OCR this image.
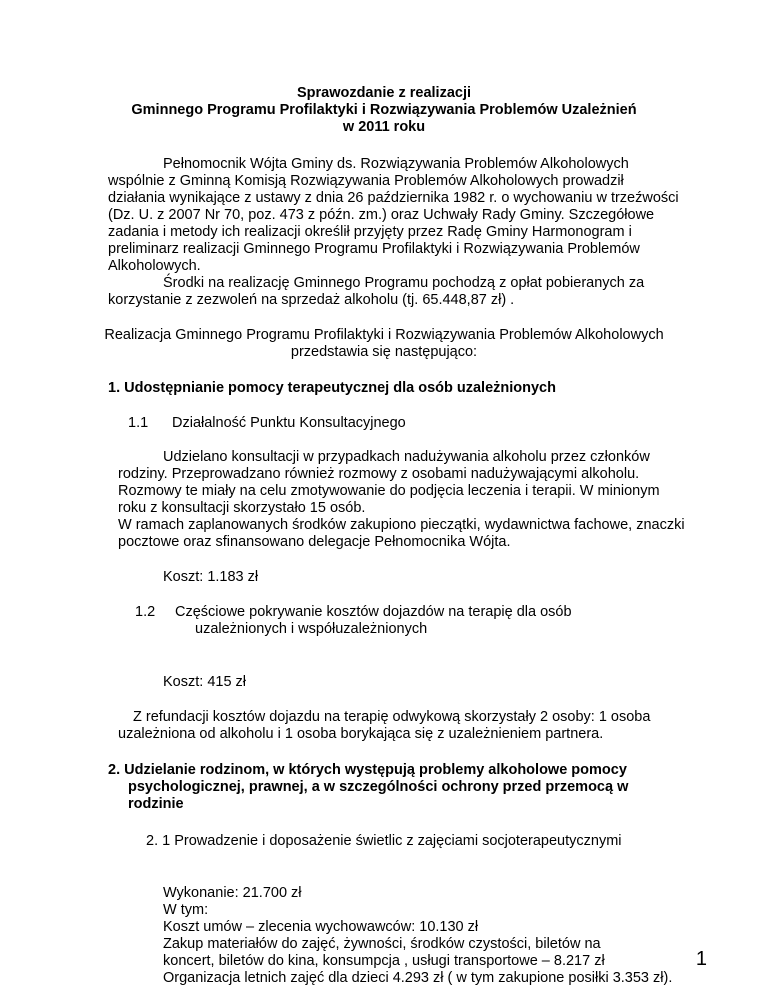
Sprawozdanie z realizacji
Gminnego Programu Profilaktyki i Rozwiązywania Problemów Uzależnień
w 2011 roku
Pełnomocnik Wójta Gminy ds. Rozwiązywania Problemów Alkoholowych
wspólnie z Gminną Komisją Rozwiązywania Problemów Alkoholowych prowadził
działania wynikające z ustawy z dnia 26 października 1982 r. o wychowaniu w trzeźwości
(Dz. U. z 2007 Nr 70, poz. 473 z późn. zm.) oraz Uchwały Rady Gminy. Szczegółowe
zadania i metody ich realizacji określił przyjęty przez Radę Gminy Harmonogram i
preliminarz realizacji Gminnego Programu Profilaktyki i Rozwiązywania Problemów
Alkoholowych.
Środki na realizację Gminnego Programu pochodzą z opłat pobieranych za
korzystanie z zezwoleń na sprzedaż alkoholu (tj. 65.448,87 zł) .
Realizacja Gminnego Programu Profilaktyki i Rozwiązywania Problemów Alkoholowych
przedstawia się następująco:
1. Udostępnianie pomocy terapeutycznej dla osób uzależnionych
1.1 Działalność Punktu Konsultacyjnego
Udzielano konsultacji w przypadkach nadużywania alkoholu przez członków
rodziny. Przeprowadzano również rozmowy z osobami nadużywającymi alkoholu.
Rozmowy te miały na celu zmotywowanie do podjęcia leczenia i terapii. W minionym
roku z konsultacji skorzystało 15 osób.
W ramach zaplanowanych środków zakupiono pieczątki, wydawnictwa fachowe, znaczki
pocztowe oraz sfinansowano delegacje Pełnomocnika Wójta.
Koszt: 1.183 zł
1.2 Częściowe pokrywanie kosztów dojazdów na terapię dla osób
uzależnionych i współuzależnionych
Koszt: 415 zł
Z refundacji kosztów dojazdu na terapię odwykową skorzystały 2 osoby: 1 osoba
uzależniona od alkoholu i 1 osoba borykająca się z uzależnieniem partnera.
2. Udzielanie rodzinom, w których występują problemy alkoholowe pomocy
psychologicznej, prawnej, a w szczególności ochrony przed przemocą w
rodzinie
2. 1 Prowadzenie i doposażenie świetlic z zajęciami socjoterapeutycznymi
Wykonanie: 21.700 zł
W tym:
Koszt umów – zlecenia wychowawców: 10.130 zł
Zakup materiałów do zajęć, żywności, środków czystości, biletów na
koncert, biletów do kina, konsumpcja , usługi transportowe – 8.217 zł
Organizacja letnich zajęć dla dzieci 4.293 zł ( w tym zakupione posiłki 3.353 zł).
1
